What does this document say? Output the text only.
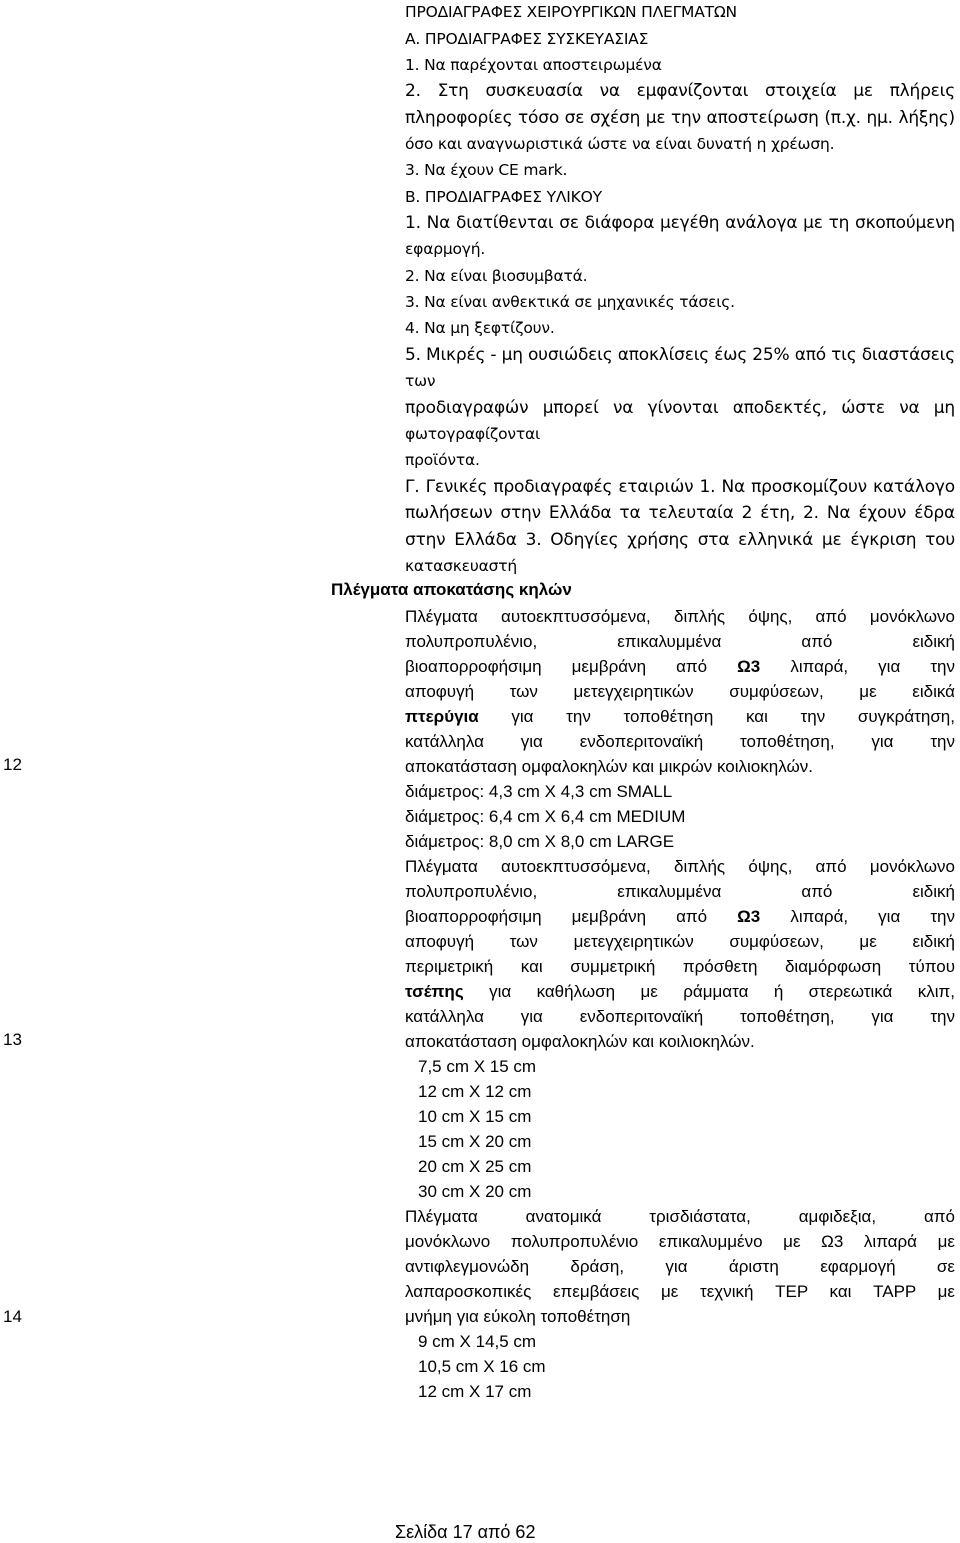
ΠΡΟΔΙΑΓΡΑΦΕΣ ΧΕΙΡΟΥΡΓΙΚΩΝ ΠΛΕΓΜΑΤΩΝ
Α. ΠΡΟΔΙΑΓΡΑΦΕΣ ΣΥΣΚΕΥΑΣΙΑΣ
1. Να παρέχονται αποστειρωμένα
2. Στη συσκευασία να εμφανίζονται στοιχεία με πλήρεις
πληροφορίες τόσο σε σχέση με την αποστείρωση (π.χ. ημ. λήξης)
όσο και αναγνωριστικά ώστε να είναι δυνατή η χρέωση.
3. Να έχουν CE mark.
Β. ΠΡΟΔΙΑΓΡΑΦΕΣ ΥΛΙΚΟΥ
1. Να διατίθενται σε διάφορα μεγέθη ανάλογα με τη σκοπούμενη
εφαρμογή.
2. Να είναι βιοσυμβατά.
3. Να είναι ανθεκτικά σε μηχανικές τάσεις.
4. Να μη ξεφτίζουν.
5. Μικρές - μη ουσιώδεις αποκλίσεις έως 25% από τις διαστάσεις
των
προδιαγραφών μπορεί να γίνονται αποδεκτές, ώστε να μη
φωτογραφίζονται
προϊόντα.
Γ. Γενικές προδιαγραφές εταιριών 1. Να προσκομίζουν κατάλογο
πωλήσεων στην Ελλάδα τα τελευταία 2 έτη, 2. Να έχουν έδρα
στην Ελλάδα 3. Οδηγίες χρήσης στα ελληνικά με έγκριση του
κατασκευαστή
Πλέγματα αποκατάσης κηλών
12
Πλέγματα αυτοεκπτυσσόμενα, διπλής όψης, από μονόκλωνο
πολυπροπυλένιο, επικαλυμμένα από ειδική
βιοαπορροφήσιμη μεμβράνη από Ω3 λιπαρά, για την
αποφυγή των μετεγχειρητικών συμφύσεων, με ειδικά
πτερύγια για την τοποθέτηση και την συγκράτηση,
κατάλληλα για ενδοπεριτοναϊκή τοποθέτηση, για την
αποκατάσταση ομφαλοκηλών και μικρών κοιλιοκηλών.
διάμετρος: 4,3 cm X 4,3 cm SMALL
διάμετρος: 6,4 cm X 6,4 cm MEDIUM
διάμετρος: 8,0 cm X 8,0 cm LARGE
13
Πλέγματα αυτοεκπτυσσόμενα, διπλής όψης, από μονόκλωνο
πολυπροπυλένιο, επικαλυμμένα από ειδική
βιοαπορροφήσιμη μεμβράνη από Ω3 λιπαρά, για την
αποφυγή των μετεγχειρητικών συμφύσεων, με ειδική
περιμετρική και συμμετρική πρόσθετη διαμόρφωση τύπου
τσέπης για καθήλωση με ράμματα ή στερεωτικά κλιπ,
κατάλληλα για ενδοπεριτοναϊκή τοποθέτηση, για την
αποκατάσταση ομφαλοκηλών και κοιλιοκηλών.
7,5 cm X 15 cm
12 cm X 12 cm
10 cm X 15 cm
15 cm X 20 cm
20 cm X 25 cm
30 cm X 20 cm
14
Πλέγματα ανατομικά τρισδιάστατα, αμφιδεξια, από
μονόκλωνο πολυπροπυλένιο επικαλυμμένο με Ω3 λιπαρά με
αντιφλεγμονώδη δράση, για άριστη εφαρμογή σε
λαπαροσκοπικές επεμβάσεις με τεχνική TEP και TAPP με
μνήμη για εύκολη τοποθέτηση
9 cm X 14,5 cm
10,5 cm X 16 cm
12 cm X 17 cm
Σελίδα 17 από 62
